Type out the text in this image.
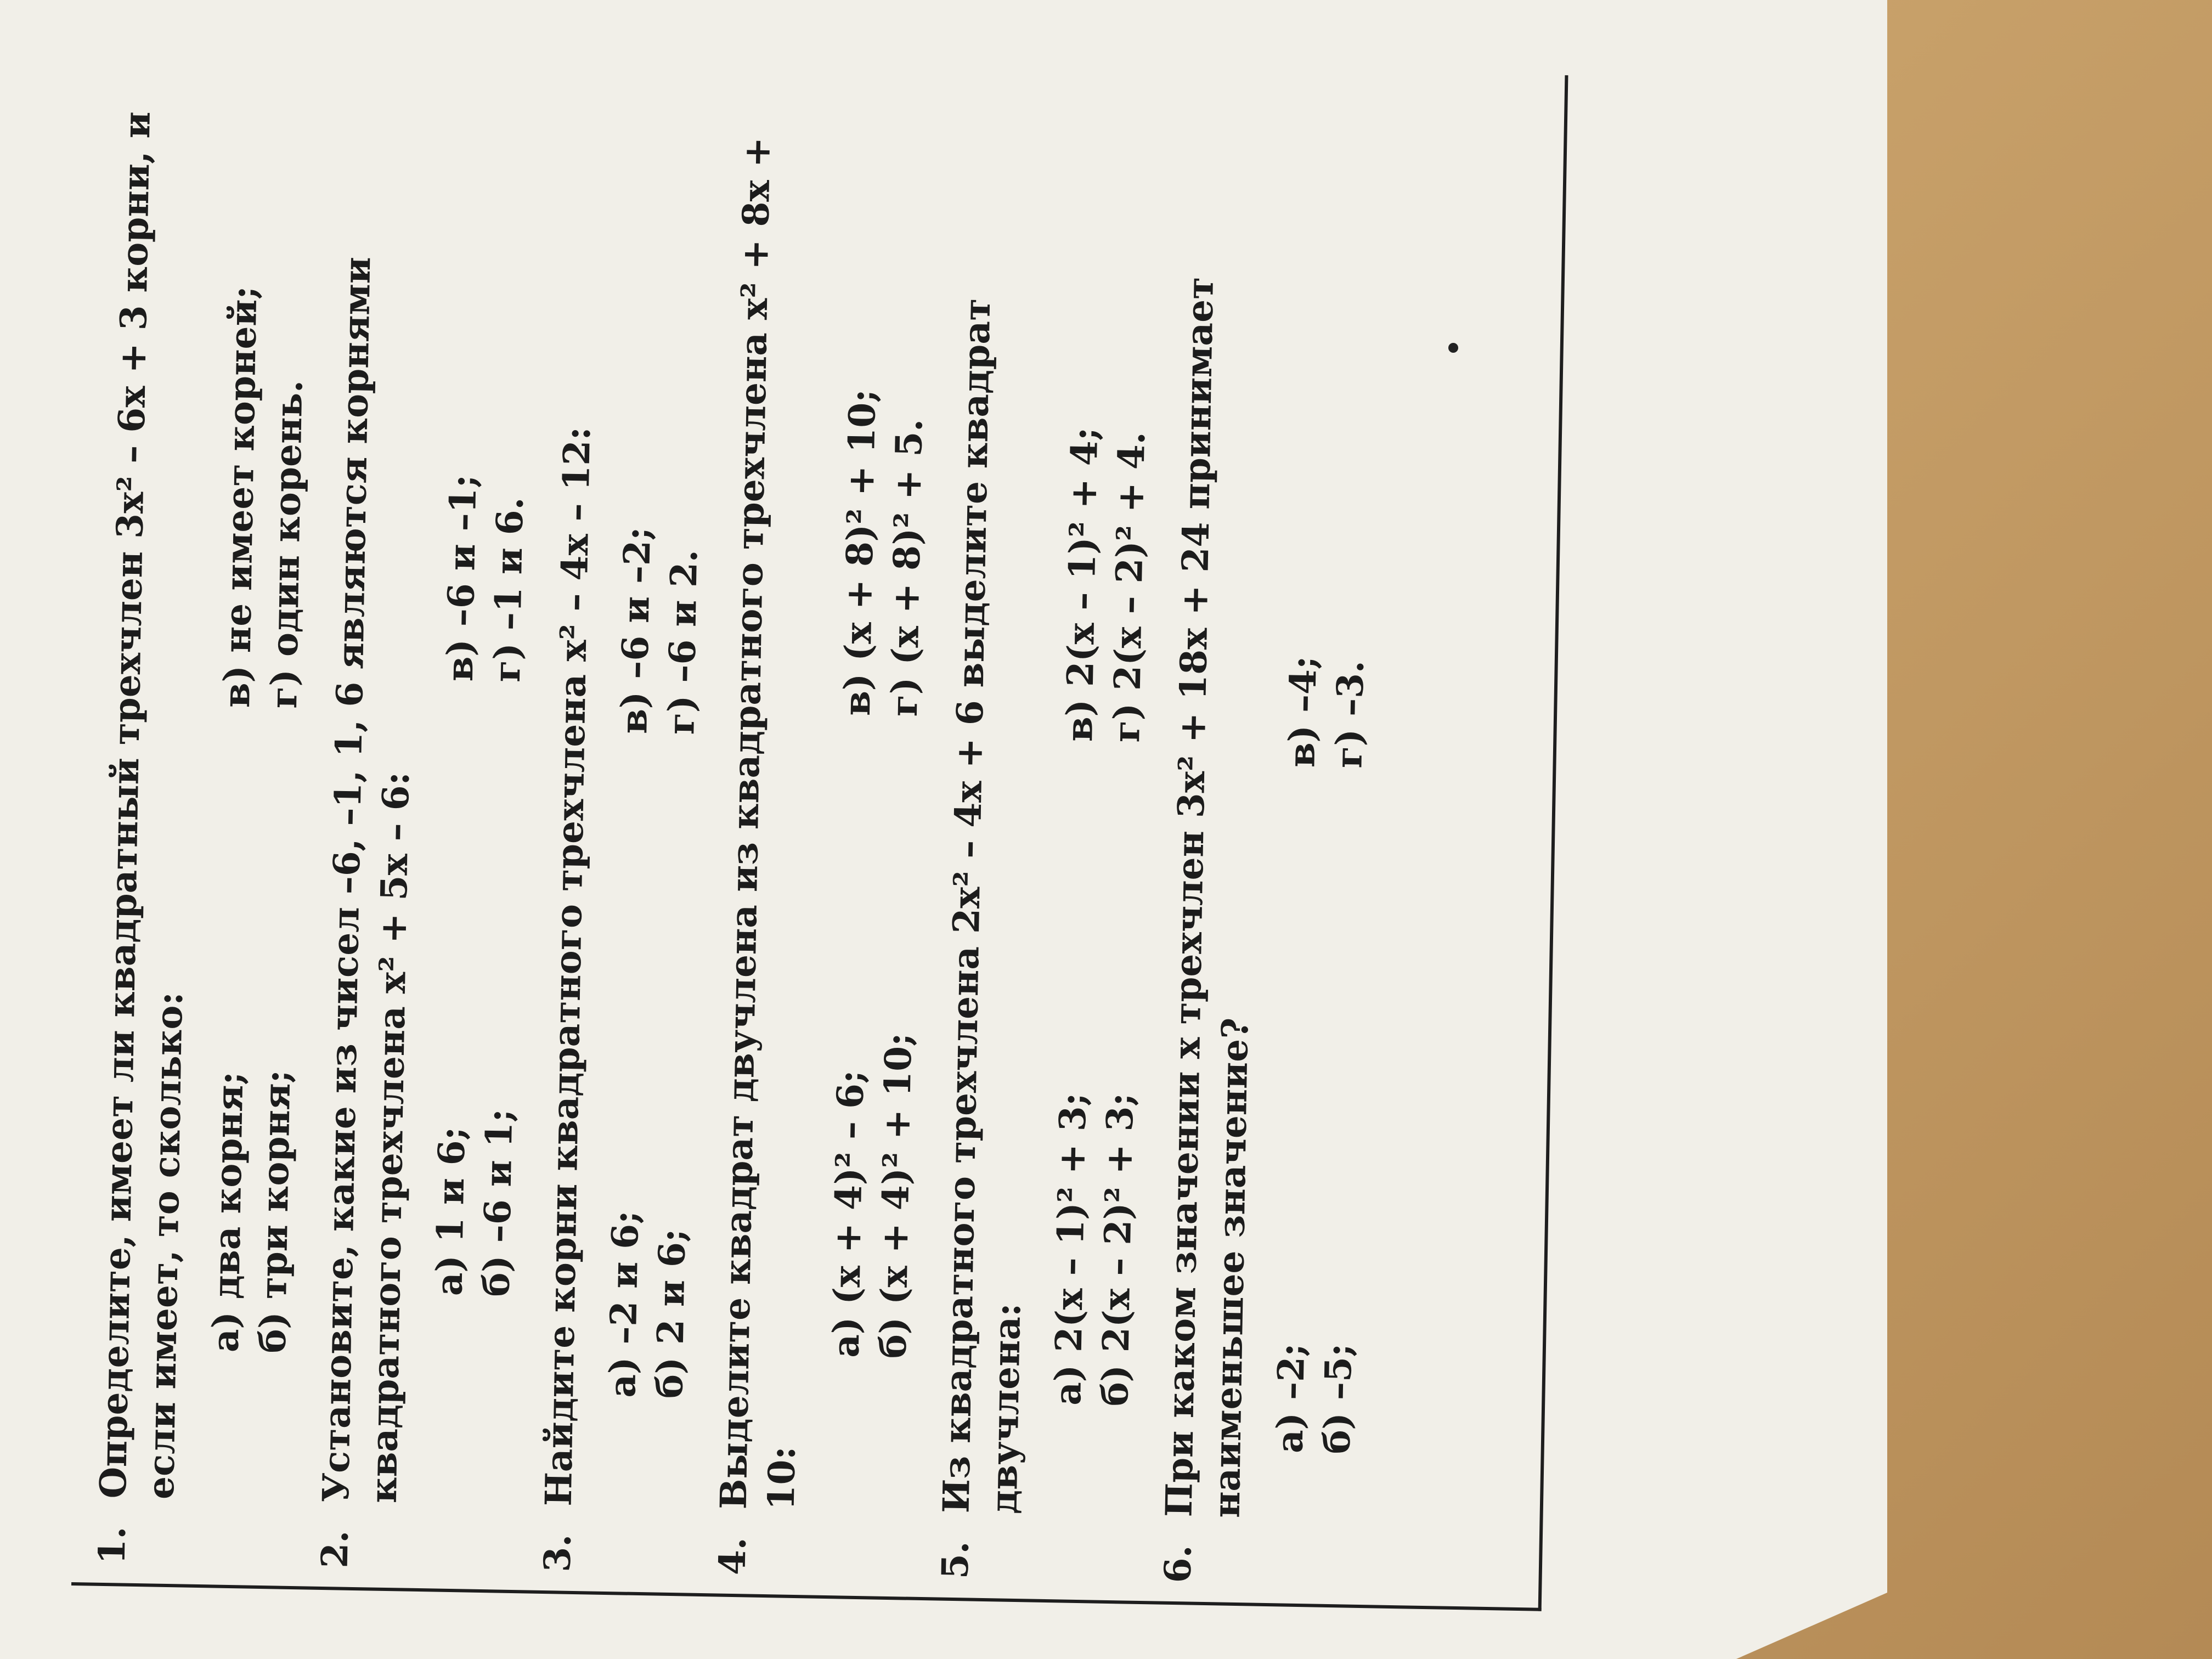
1.
Определите, имеет ли квадратный трехчлен 3x² – 6x + 3 корни, и если имеет, то сколько: а) два корня;
в) не имеет корней;
б) три корня;
г) один корень.
2.
Установите, какие из чисел –6, –1, 1, 6 являются корнями квадратного трехчлена x² + 5x – 6: а) 1 и 6;
в) –6 и –1;
б) –6 и 1;
г) –1 и 6.
3.
Найдите корни квадратного трехчлена x² – 4x – 12: а) –2 и 6;
в) –6 и –2;
б) 2 и 6;
г) –6 и 2.
4.
Выделите квадрат двучлена из квадратного трехчлена x² + 8x + 10:
а) (x + 4)² – 6;
в) (x + 8)² + 10;
б) (x + 4)² + 10;
г) (x + 8)² + 5.
5.
Из квадратного трехчлена 2x² – 4x + 6 выделите квадрат двучлена:
а) 2(x – 1)² + 3;
в) 2(x – 1)² + 4;
б) 2(x – 2)² + 3;
г) 2(x – 2)² + 4.
6.
При каком значении x трехчлен 3x² + 18x + 24 принимает наименьшее значение? а) –2;
в) –4;
б) –5;
г) –3.
